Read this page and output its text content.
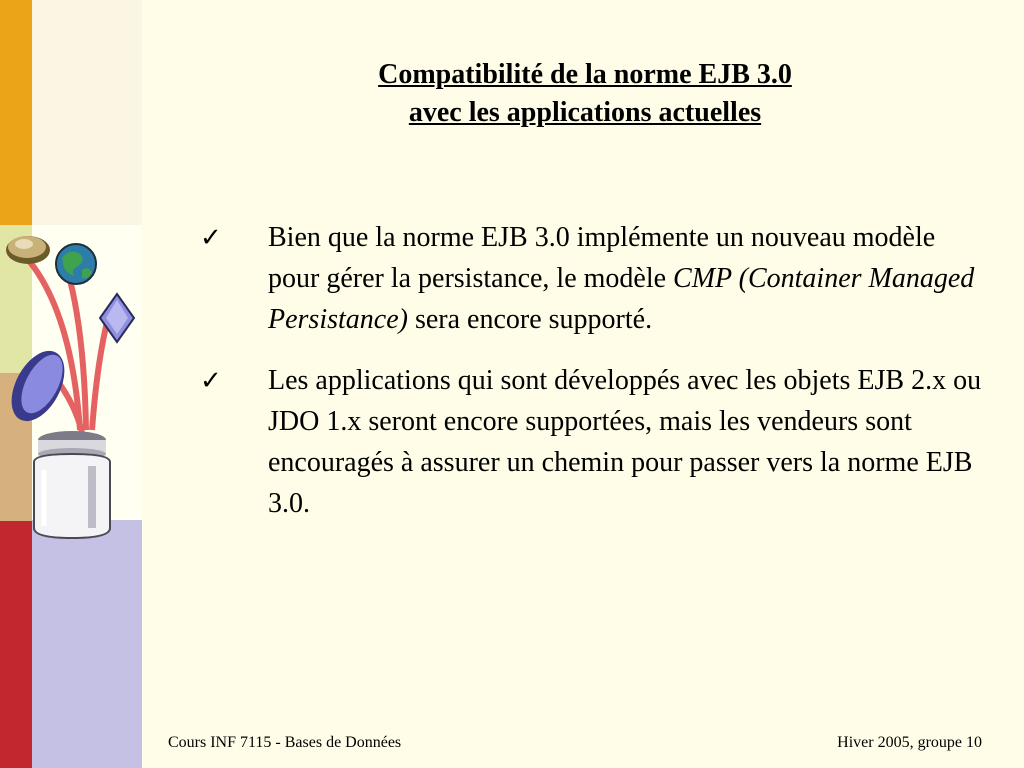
Compatibilité de la norme EJB 3.0
avec les applications actuelles
✓	Bien que la norme EJB 3.0 implémente un nouveau modèle pour gérer la persistance, le modèle CMP (Container Managed Persistance) sera encore supporté.
✓	Les applications qui sont développés avec les objets EJB 2.x ou JDO 1.x seront encore supportées, mais les vendeurs sont encouragés à assurer un chemin pour passer vers la norme EJB 3.0.
Cours INF 7115 - Bases de Données	Hiver 2005, groupe 10
